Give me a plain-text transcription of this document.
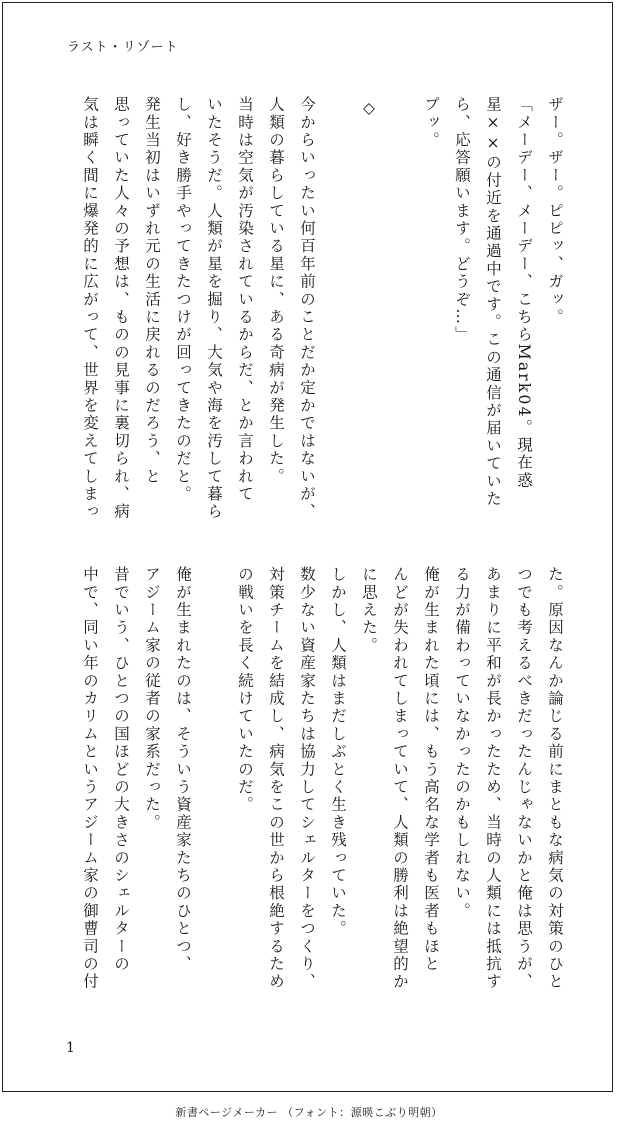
ラスト・リゾート
ザー。ザー。ピピッ、ガッ。
「メーデー、メーデー、こちらMark04。現在惑
星××の付近を通過中です。この通信が届いていた
ら、応答願います。どうぞ…」
プッ。

◇

今からいったい何百年前のことだか定かではないが、
人類の暮らしている星に、ある奇病が発生した。
当時は空気が汚染されているからだ、とか言われて
いたそうだ。人類が星を掘り、大気や海を汚して暮ら
し、好き勝手やってきたつけが回ってきたのだと。
発生当初はいずれ元の生活に戻れるのだろう、と
思っていた人々の予想は、ものの見事に裏切られ、病
気は瞬く間に爆発的に広がって、世界を変えてしまっ
た。原因なんか論じる前にまともな病気の対策のひと
つでも考えるべきだったんじゃないかと俺は思うが、
あまりに平和が長かったため、当時の人類には抵抗す
る力が備わっていなかったのかもしれない。
俺が生まれた頃には、もう高名な学者も医者もほと
んどが失われてしまっていて、人類の勝利は絶望的か
に思えた。
しかし、人類はまだしぶとく生き残っていた。
数少ない資産家たちは協力してシェルターをつくり、
対策チームを結成し、病気をこの世から根絶するため
の戦いを長く続けていたのだ。

俺が生まれたのは、そういう資産家たちのひとつ、
アジーム家の従者の家系だった。
昔でいう、ひとつの国ほどの大きさのシェルターの
中で、同い年のカリムというアジーム家の御曹司の付
1
新書ページメーカー （フォント：源暎こぶり明朝）
